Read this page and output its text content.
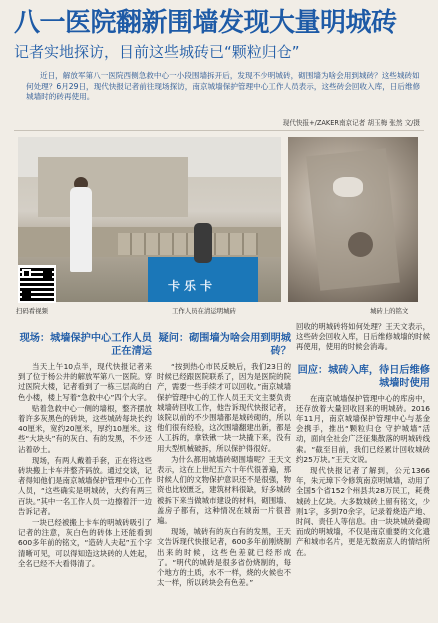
八一医院翻新围墙发现大量明城砖
记者实地探访，目前这些城砖已“颗粒归仓”
近日，解放军第八一医院西侧急救中心一小段围墙拆开后，发现不少明城砖，砌围墙为啥会用到城砖？这些城砖如何处理？6月29日，现代快报记者前往现场探访，南京城墙保护管理中心工作人员表示，这些砖会回收入库，日后维修城墙时的砖再使用。
现代快报+/ZAKER南京记者 胡玉梅 张然 文/摄
卡乐卡
扫码看视频	工作人员在清运明城砖	城砖上的铭文
现场：城墙保护中心工作人员正在清运

当天上午10点半，现代快报记者来到了位于杨公井的解放军第八一医院。穿过医院大楼，记者看到了一栋三层高的白色小楼，楼上写着“急救中心”四个大字。

贴着急救中心一侧的墙根，整齐摆放着许多灰黑色的砖块，这些城砖每块长约40厘米，宽约20厘米，厚约10厘米。这些“大块头”有的灰白、有的发黑，不少还沾着砂土。

现场，有两人戴着手套，正在将这些砖块搬上卡车并整齐码放。通过交谈，记者得知他们是南京城墙保护管理中心工作人员，“这些确实是明城砖，大约有两三百块。”其中一名工作人员一边擦着汗一边告诉记者。

一块已经被搬上卡车的明城砖吸引了记者的注意，灰白色的砖体上还能看到600多年前的铭文，“造砖人夫起”五个字清晰可见，可以得知造这块砖的人姓起，全名已经不大看得清了。

疑问：砌围墙为啥会用到明城砖？

“按到热心市民反映后，我们23日的时候已经跟医院联系了，因为是医院的院产，需要一些手续才可以回收。”南京城墙保护管理中心的工作人员王天文主要负责城墙砖回收工作，他告诉现代快报记者，该院以前的不少围墙都是城砖砌的，所以他们很有经验，这次围墙翻建出新，都是人工拆的，拿铁锹一块一块撬下来，没有用大型机械破拆，所以保护得很好。

为什么都用城墙砖砌围墙呢？王天文表示，这在上世纪五六十年代很普遍，那时候人们的文物保护意识还不是很强，物资也比较匮乏，建筑材料很缺，好多城砖被拆下来当做城市建设的材料，砌围墙、盖房子都有，这种情况在城南一片很普遍。

现场，城砖有的灰白有的发黑，王天文告诉现代快报记者，600多年前刚烧制出来的时候，这些色差就已经形成了。“明代的城砖是很多省份烧制的，每个地方的土质，水不一样，烧的火候也不太一样，所以砖块会有色差。”

回收的明城砖将如何处理？王天文表示，这些砖会回收入库，日后维修城墙的时候再使用，使用的时候会消毒。

回应：城砖入库，待日后维修城墙时使用

在南京城墙保护管理中心的库房中，还存放着大量回收回来的明城砖。2016年11月，南京城墙保护管理中心与基金会携手，推出“颗粒归仓 守护城墙”活动，面向全社会广泛征集散落的明城砖线索。“截至目前，我们已经累计回收城砖约25万块。”王天文说。

现代快报记者了解到，公元1366年，朱元璋下令修筑南京明城墙，动用了全国5个省152个州县共28万民工，耗费城砖上亿块。大多数城砖上留有铭文，少则1字，多到70余字，记录着烧造产地、时间、责任人等信息。由一块块城砖叠砌而成的明城墙，不仅是南京重要的文化遗产和城市名片，更是无数南京人的情结所在。
